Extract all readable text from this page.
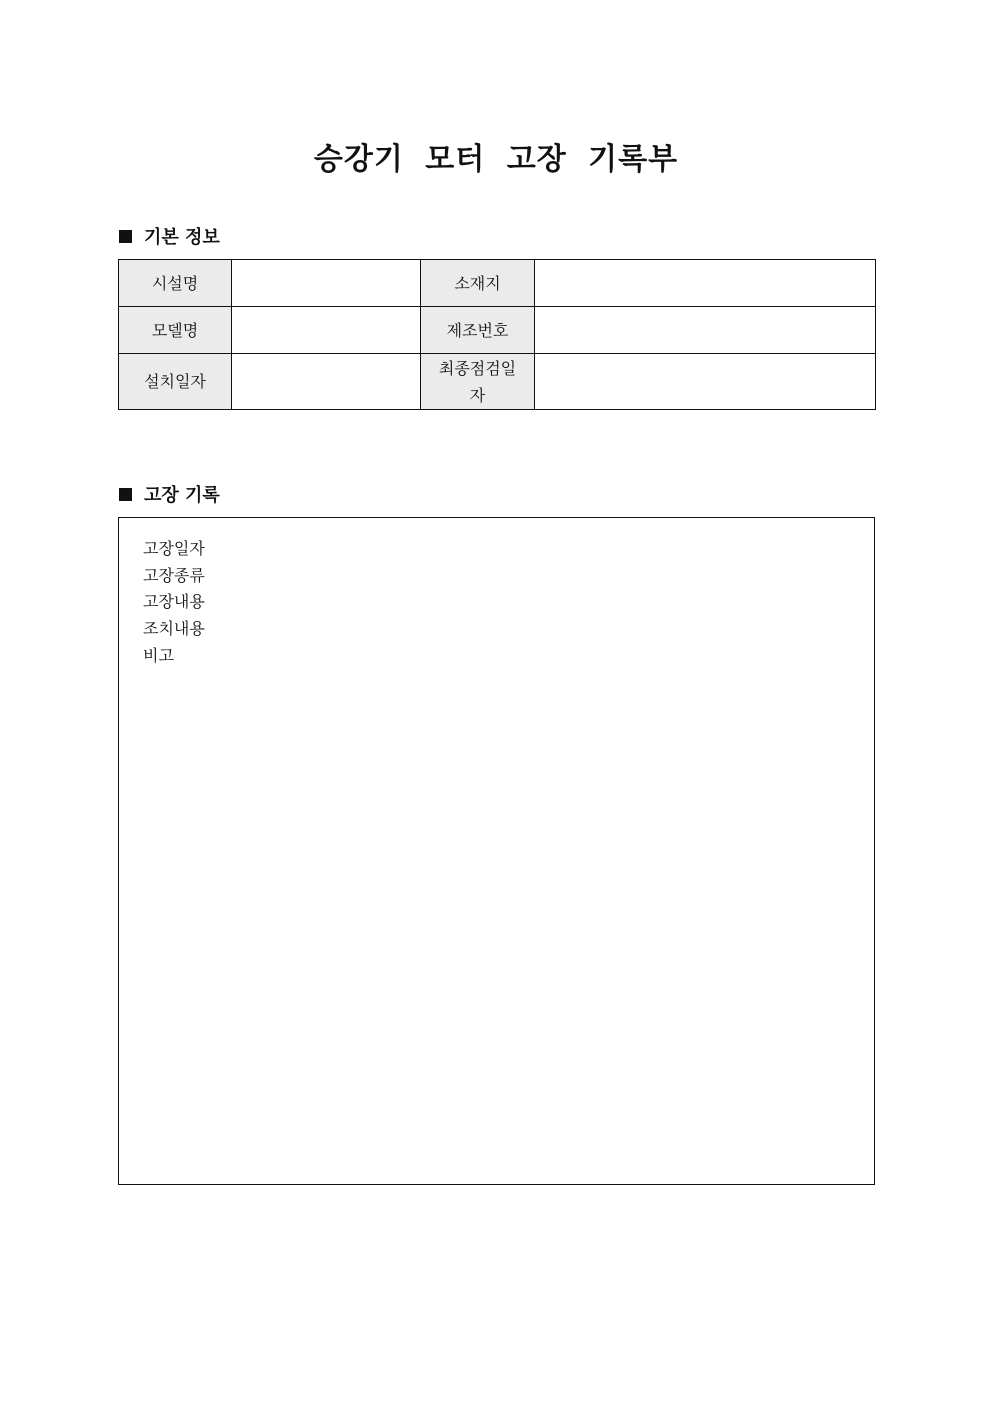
승강기 모터 고장 기록부
기본 정보
시설명		소재지	
모델명		제조번호	
설치일자		최종점검일자	
고장 기록
고장일자
고장종류
고장내용
조치내용
비고
